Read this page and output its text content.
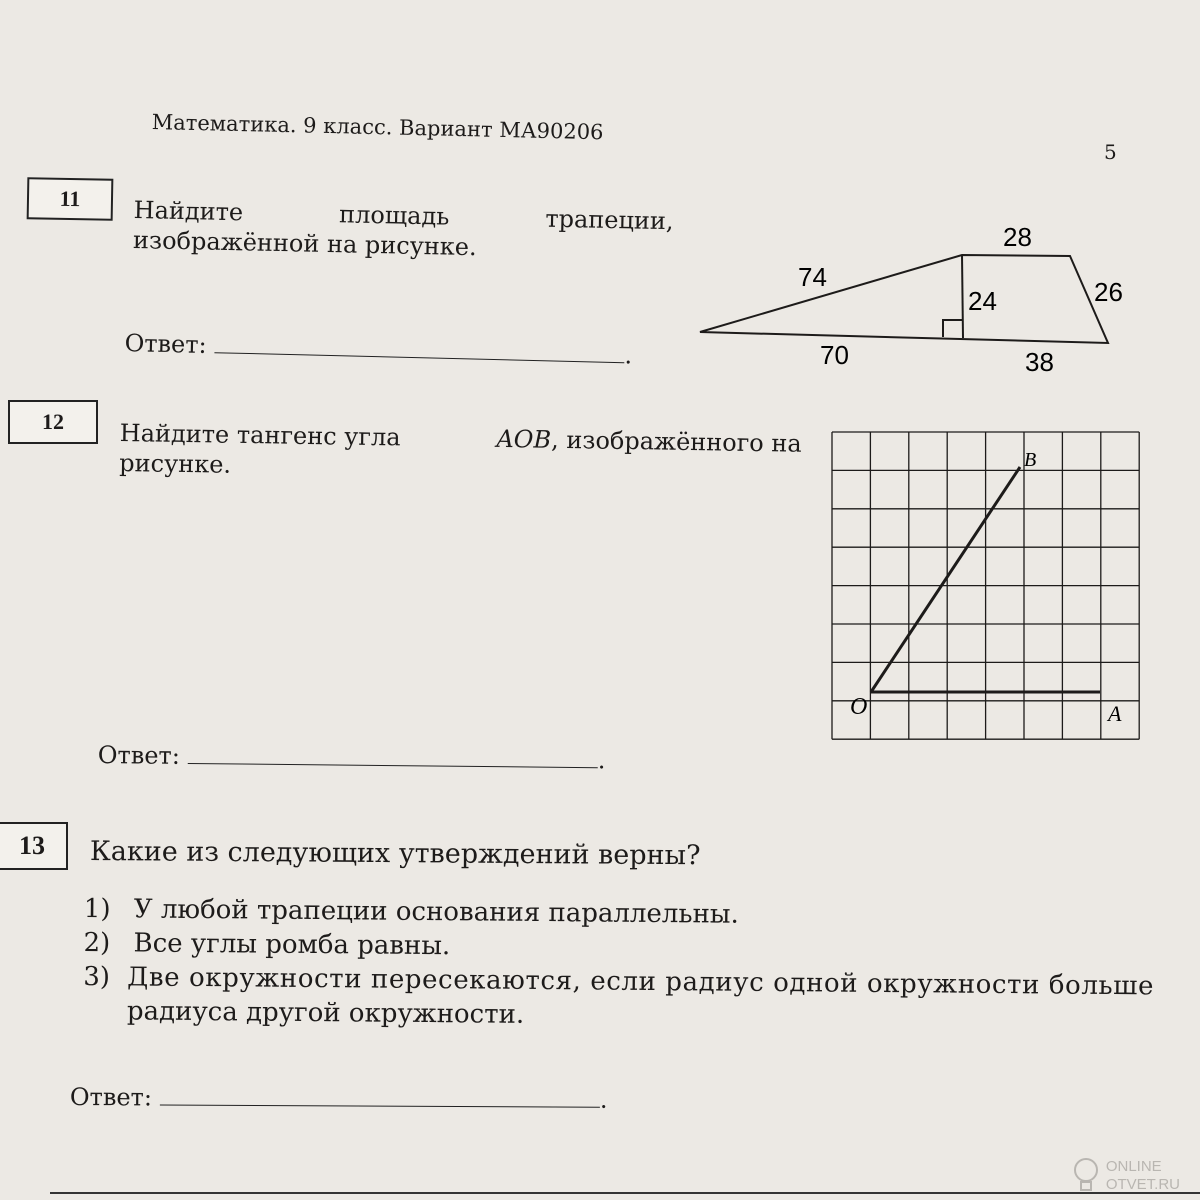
Математика. 9 класс. Вариант МА90206
5
11	Найдите	площадь	трапеции,
изображённой на рисунке.
Ответ:	.
28
74
24	26
70	38
12	Найдите тангенс угла	AOB, изображённого на
рисунке.
O	A
B
Ответ:	.
13	Какие из следующих утверждений верны?
1) У любой трапеции основания параллельны.
2) Все углы ромба равны.
3) Две окружности пересекаются, если радиус одной окружности больше
радиуса другой окружности.
Ответ:	.
ONLINE
OTVET.RU
